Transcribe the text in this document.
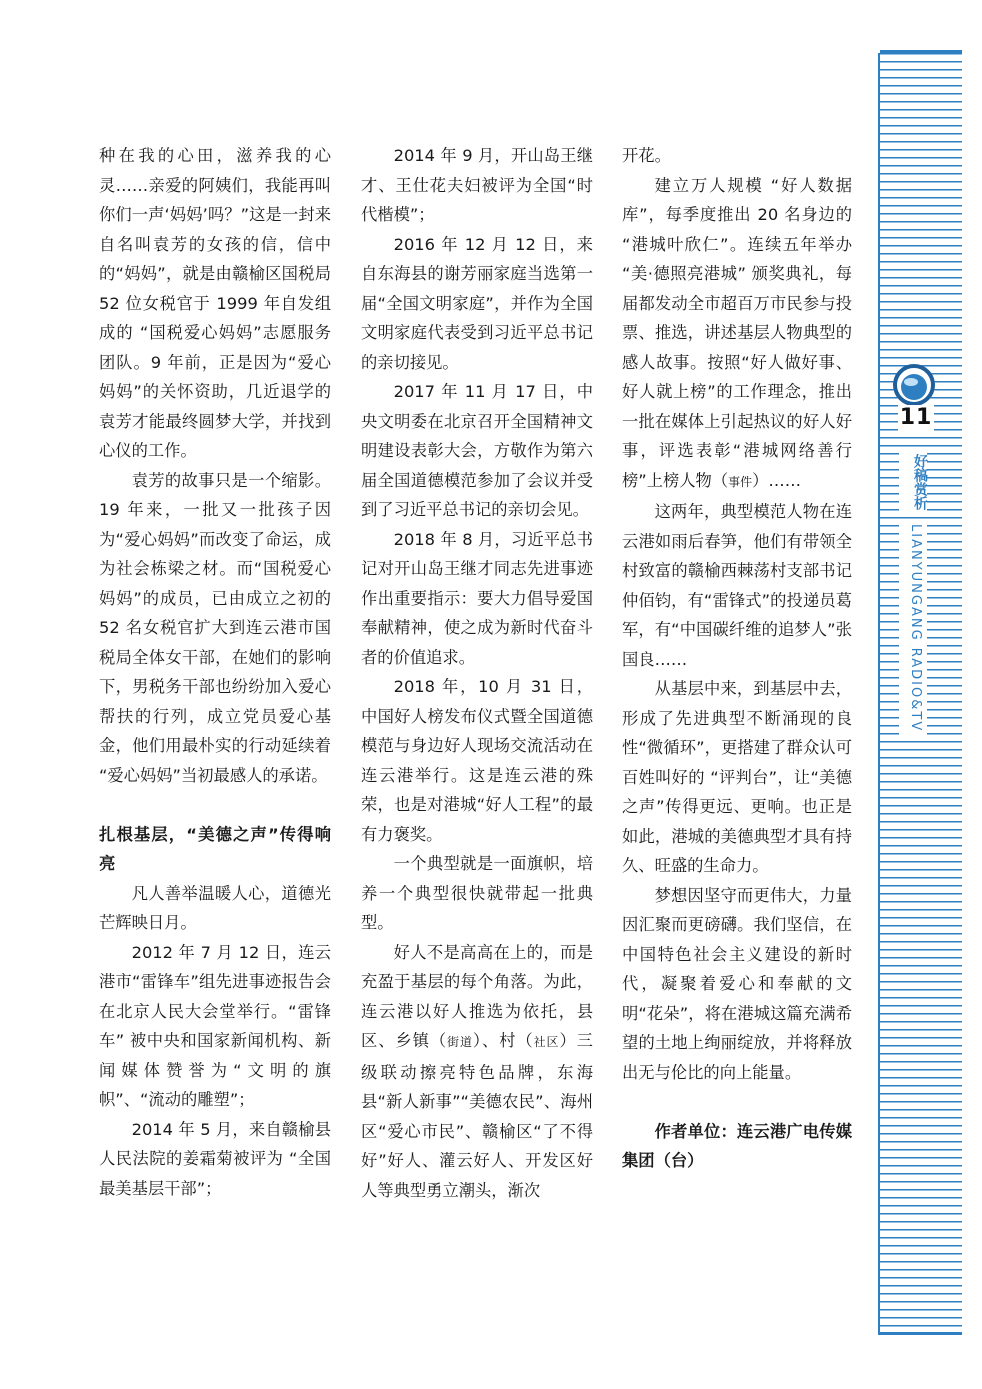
11
好稿赏析
LIANYUNGANG RADIO&TV

种在我的心田，滋养我的心灵……亲爱的阿姨们，我能再叫你们一声‘妈妈’吗？”这是一封来自名叫袁芳的女孩的信，信中的“妈妈”，就是由赣榆区国税局 52 位女税官于 1999 年自发组成的 “国税爱心妈妈”志愿服务团队。9 年前，正是因为“爱心妈妈”的关怀资助，几近退学的袁芳才能最终圆梦大学，并找到心仪的工作。

袁芳的故事只是一个缩影。19 年来，一批又一批孩子因为“爱心妈妈”而改变了命运，成为社会栋梁之材。而“国税爱心妈妈”的成员，已由成立之初的 52 名女税官扩大到连云港市国税局全体女干部，在她们的影响下，男税务干部也纷纷加入爱心帮扶的行列，成立党员爱心基金，他们用最朴实的行动延续着 “爱心妈妈”当初最感人的承诺。

扎根基层，“美德之声”传得响亮

凡人善举温暖人心，道德光芒辉映日月。

2012 年 7 月 12 日，连云港市“雷锋车”组先进事迹报告会在北京人民大会堂举行。“雷锋车” 被中央和国家新闻机构、新闻媒体赞誉为“文明的旗帜”、“流动的雕塑”；

2014 年 5 月，来自赣榆县人民法院的姜霜菊被评为 “全国最美基层干部”；

2014 年 9 月，开山岛王继才、王仕花夫妇被评为全国“时代楷模”；

2016 年 12 月 12 日，来自东海县的谢芳丽家庭当选第一届“全国文明家庭”，并作为全国文明家庭代表受到习近平总书记的亲切接见。

2017 年 11 月 17 日，中央文明委在北京召开全国精神文明建设表彰大会，方敬作为第六届全国道德模范参加了会议并受到了习近平总书记的亲切会见。

2018 年 8 月，习近平总书记对开山岛王继才同志先进事迹作出重要指示：要大力倡导爱国奉献精神，使之成为新时代奋斗者的价值追求。

2018 年，10 月 31 日，中国好人榜发布仪式暨全国道德模范与身边好人现场交流活动在连云港举行。这是连云港的殊荣，也是对港城“好人工程”的最有力褒奖。

一个典型就是一面旗帜，培养一个典型很快就带起一批典型。

好人不是高高在上的，而是充盈于基层的每个角落。为此，连云港以好人推选为依托，县区、乡镇（街道）、村（社区）三级联动擦亮特色品牌，东海县“新人新事”“美德农民”、海州区“爱心市民”、赣榆区“了不得好”好人、灌云好人、开发区好人等典型勇立潮头，渐次

开花。

建立万人规模 “好人数据库”，每季度推出 20 名身边的 “港城叶欣仁”。连续五年举办 “美·德照亮港城” 颁奖典礼，每届都发动全市超百万市民参与投票、推选，讲述基层人物典型的感人故事。按照“好人做好事、好人就上榜”的工作理念，推出一批在媒体上引起热议的好人好事，评选表彰“港城网络善行榜”上榜人物（事件）……

这两年，典型模范人物在连云港如雨后春笋，他们有带领全村致富的赣榆西棘荡村支部书记仲佰钧，有“雷锋式”的投递员葛军，有“中国碳纤维的追梦人”张国良……

从基层中来，到基层中去，形成了先进典型不断涌现的良性“微循环”，更搭建了群众认可百姓叫好的 “评判台”，让“美德之声”传得更远、更响。也正是如此，港城的美德典型才具有持久、旺盛的生命力。

梦想因坚守而更伟大，力量因汇聚而更磅礴。我们坚信，在中国特色社会主义建设的新时代，凝聚着爱心和奉献的文明“花朵”，将在港城这篇充满希望的土地上绚丽绽放，并将释放出无与伦比的向上能量。

作者单位：连云港广电传媒集团（台）
